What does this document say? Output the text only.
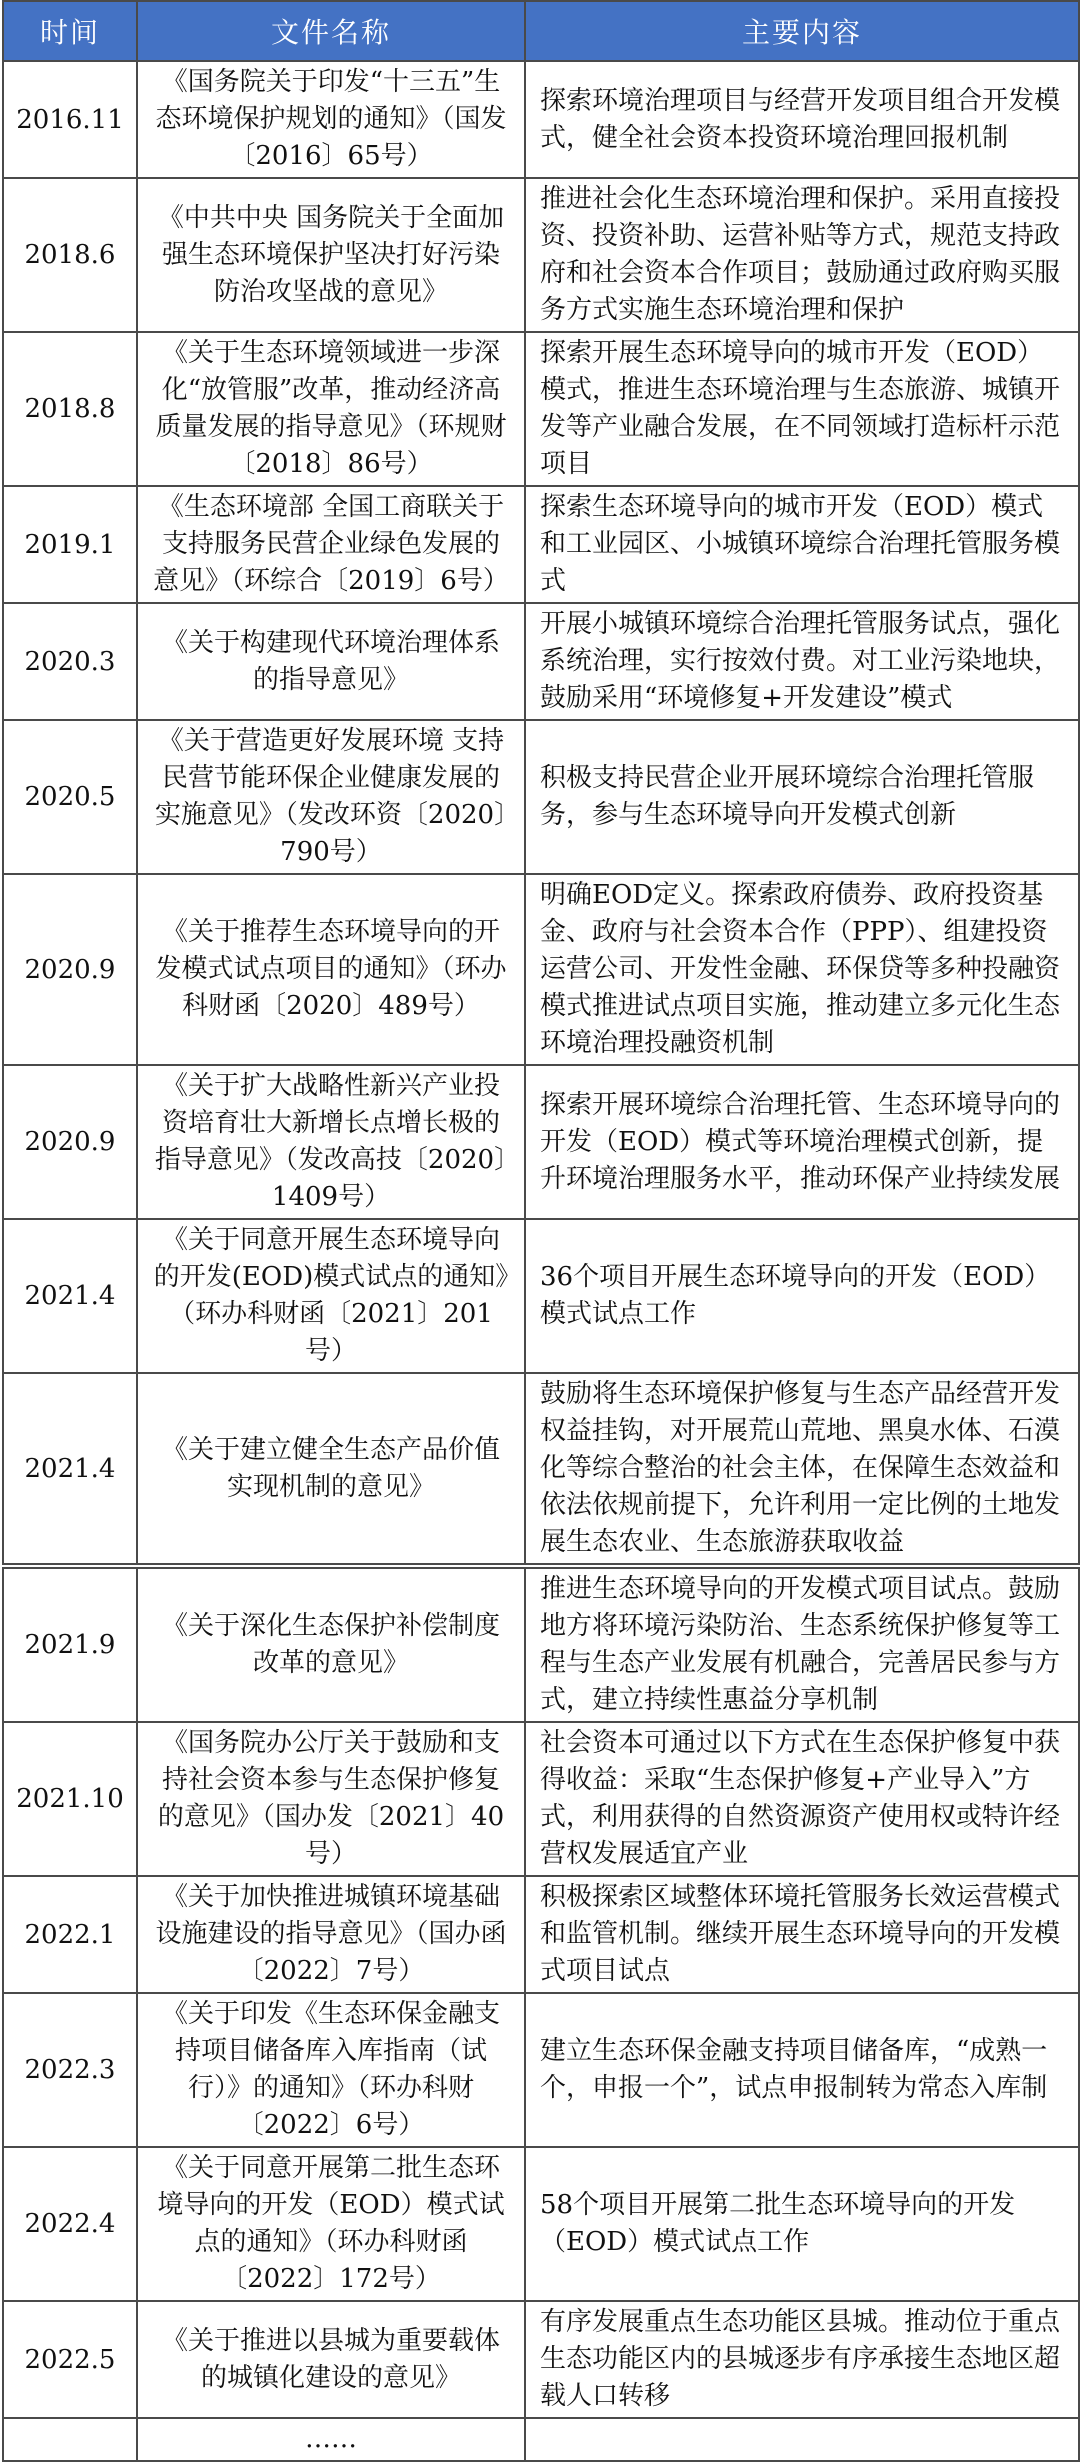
时间	文件名称	主要内容
2016.11	《国务院关于印发“十三五”生态环境保护规划的通知》（国发〔2016〕65号）	探索环境治理项目与经营开发项目组合开发模式，健全社会资本投资环境治理回报机制
2018.6	《中共中央 国务院关于全面加强生态环境保护坚决打好污染防治攻坚战的意见》	推进社会化生态环境治理和保护。采用直接投资、投资补助、运营补贴等方式，规范支持政府和社会资本合作项目；鼓励通过政府购买服务方式实施生态环境治理和保护
2018.8	《关于生态环境领域进一步深化“放管服”改革，推动经济高质量发展的指导意见》（环规财〔2018〕86号）	探索开展生态环境导向的城市开发（EOD）模式，推进生态环境治理与生态旅游、城镇开发等产业融合发展，在不同领域打造标杆示范项目
2019.1	《生态环境部 全国工商联关于支持服务民营企业绿色发展的意见》（环综合〔2019〕6号）	探索生态环境导向的城市开发（EOD）模式和工业园区、小城镇环境综合治理托管服务模式
2020.3	《关于构建现代环境治理体系的指导意见》	开展小城镇环境综合治理托管服务试点，强化系统治理，实行按效付费。对工业污染地块，鼓励采用“环境修复+开发建设”模式
2020.5	《关于营造更好发展环境 支持民营节能环保企业健康发展的实施意见》（发改环资〔2020〕790号）	积极支持民营企业开展环境综合治理托管服务，参与生态环境导向开发模式创新
2020.9	《关于推荐生态环境导向的开发模式试点项目的通知》（环办科财函〔2020〕489号）	明确EOD定义。探索政府债券、政府投资基金、政府与社会资本合作（PPP）、组建投资运营公司、开发性金融、环保贷等多种投融资模式推进试点项目实施，推动建立多元化生态环境治理投融资机制
2020.9	《关于扩大战略性新兴产业投资培育壮大新增长点增长极的指导意见》（发改高技〔2020〕1409号）	探索开展环境综合治理托管、生态环境导向的开发（EOD）模式等环境治理模式创新，提升环境治理服务水平，推动环保产业持续发展
2021.4	《关于同意开展生态环境导向的开发(EOD)模式试点的通知》（环办科财函〔2021〕201号）	36个项目开展生态环境导向的开发（EOD）模式试点工作
2021.4	《关于建立健全生态产品价值实现机制的意见》	鼓励将生态环境保护修复与生态产品经营开发权益挂钩，对开展荒山荒地、黑臭水体、石漠化等综合整治的社会主体，在保障生态效益和依法依规前提下，允许利用一定比例的土地发展生态农业、生态旅游获取收益
2021.9	《关于深化生态保护补偿制度改革的意见》	推进生态环境导向的开发模式项目试点。鼓励地方将环境污染防治、生态系统保护修复等工程与生态产业发展有机融合，完善居民参与方式，建立持续性惠益分享机制
2021.10	《国务院办公厅关于鼓励和支持社会资本参与生态保护修复的意见》（国办发〔2021〕40号）	社会资本可通过以下方式在生态保护修复中获得收益：采取“生态保护修复+产业导入”方式，利用获得的自然资源资产使用权或特许经营权发展适宜产业
2022.1	《关于加快推进城镇环境基础设施建设的指导意见》（国办函〔2022〕7号）	积极探索区域整体环境托管服务长效运营模式和监管机制。继续开展生态环境导向的开发模式项目试点
2022.3	《关于印发《生态环保金融支持项目储备库入库指南（试行）》的通知》（环办科财〔2022〕6号）	建立生态环保金融支持项目储备库，“成熟一个，申报一个”，试点申报制转为常态入库制
2022.4	《关于同意开展第二批生态环境导向的开发（EOD）模式试点的通知》（环办科财函〔2022〕172号）	58个项目开展第二批生态环境导向的开发（EOD）模式试点工作
2022.5	《关于推进以县城为重要载体的城镇化建设的意见》	有序发展重点生态功能区县城。推动位于重点生态功能区内的县城逐步有序承接生态地区超载人口转移
	……	
